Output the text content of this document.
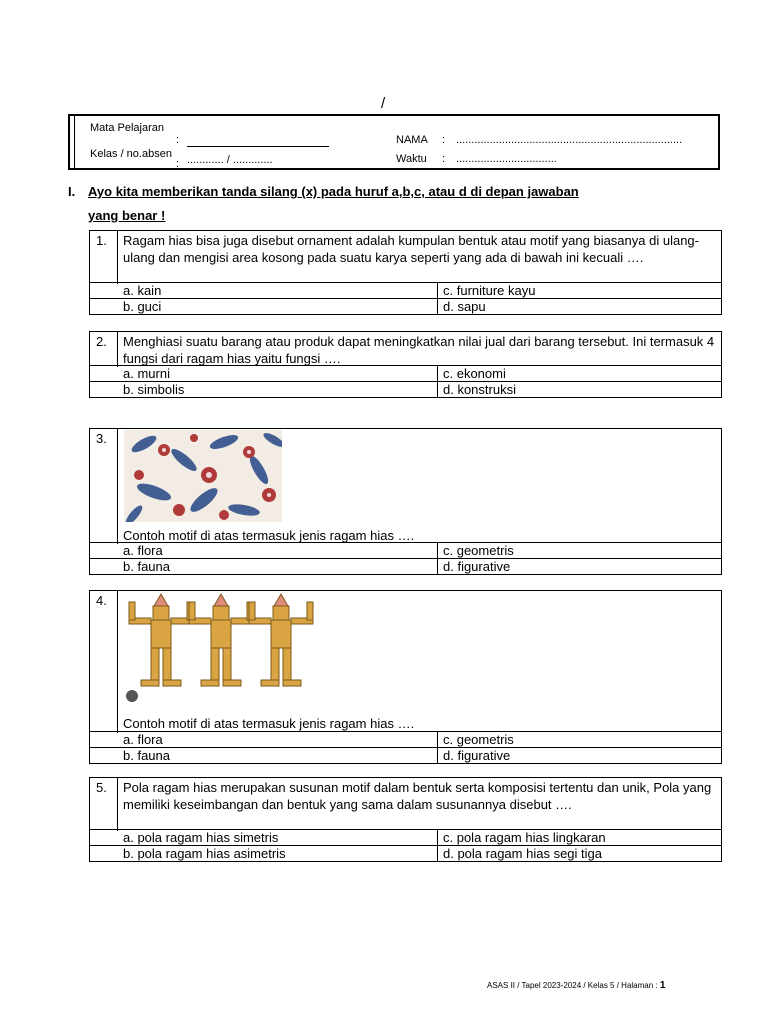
/
Mata Pelajaran
:
Kelas / no.absen
: ............ / .............
NAMA : ..........................................................................
Waktu : .................................
I. Ayo kita memberikan tanda silang (x) pada huruf a,b,c, atau d di depan jawaban
yang benar !
1.	Ragam hias bisa juga disebut ornament adalah kumpulan bentuk atau motif yang biasanya di ulang-ulang dan mengisi area kosong pada suatu karya seperti yang ada di bawah ini kecuali ….
a. kain	c. furniture kayu
b. guci	d. sapu
2.	Menghiasi suatu barang atau produk dapat meningkatkan nilai jual dari barang tersebut. Ini termasuk 4 fungsi dari ragam hias yaitu fungsi ….
a. murni	c. ekonomi
b. simbolis	d. konstruksi
3.
Contoh motif di atas termasuk jenis ragam hias ….
a. flora	c. geometris
b. fauna	d. figurative
4.
Contoh motif di atas termasuk jenis ragam hias ….
a. flora	c. geometris
b. fauna	d. figurative
5.	Pola ragam hias merupakan susunan motif dalam bentuk serta komposisi tertentu dan unik, Pola yang memiliki keseimbangan dan bentuk yang sama dalam susunannya disebut ….
a. pola ragam hias simetris	c. pola ragam hias lingkaran
b. pola ragam hias asimetris	d. pola ragam hias segi tiga
ASAS II / Tapel 2023-2024 / Kelas 5 / Halaman : 1
